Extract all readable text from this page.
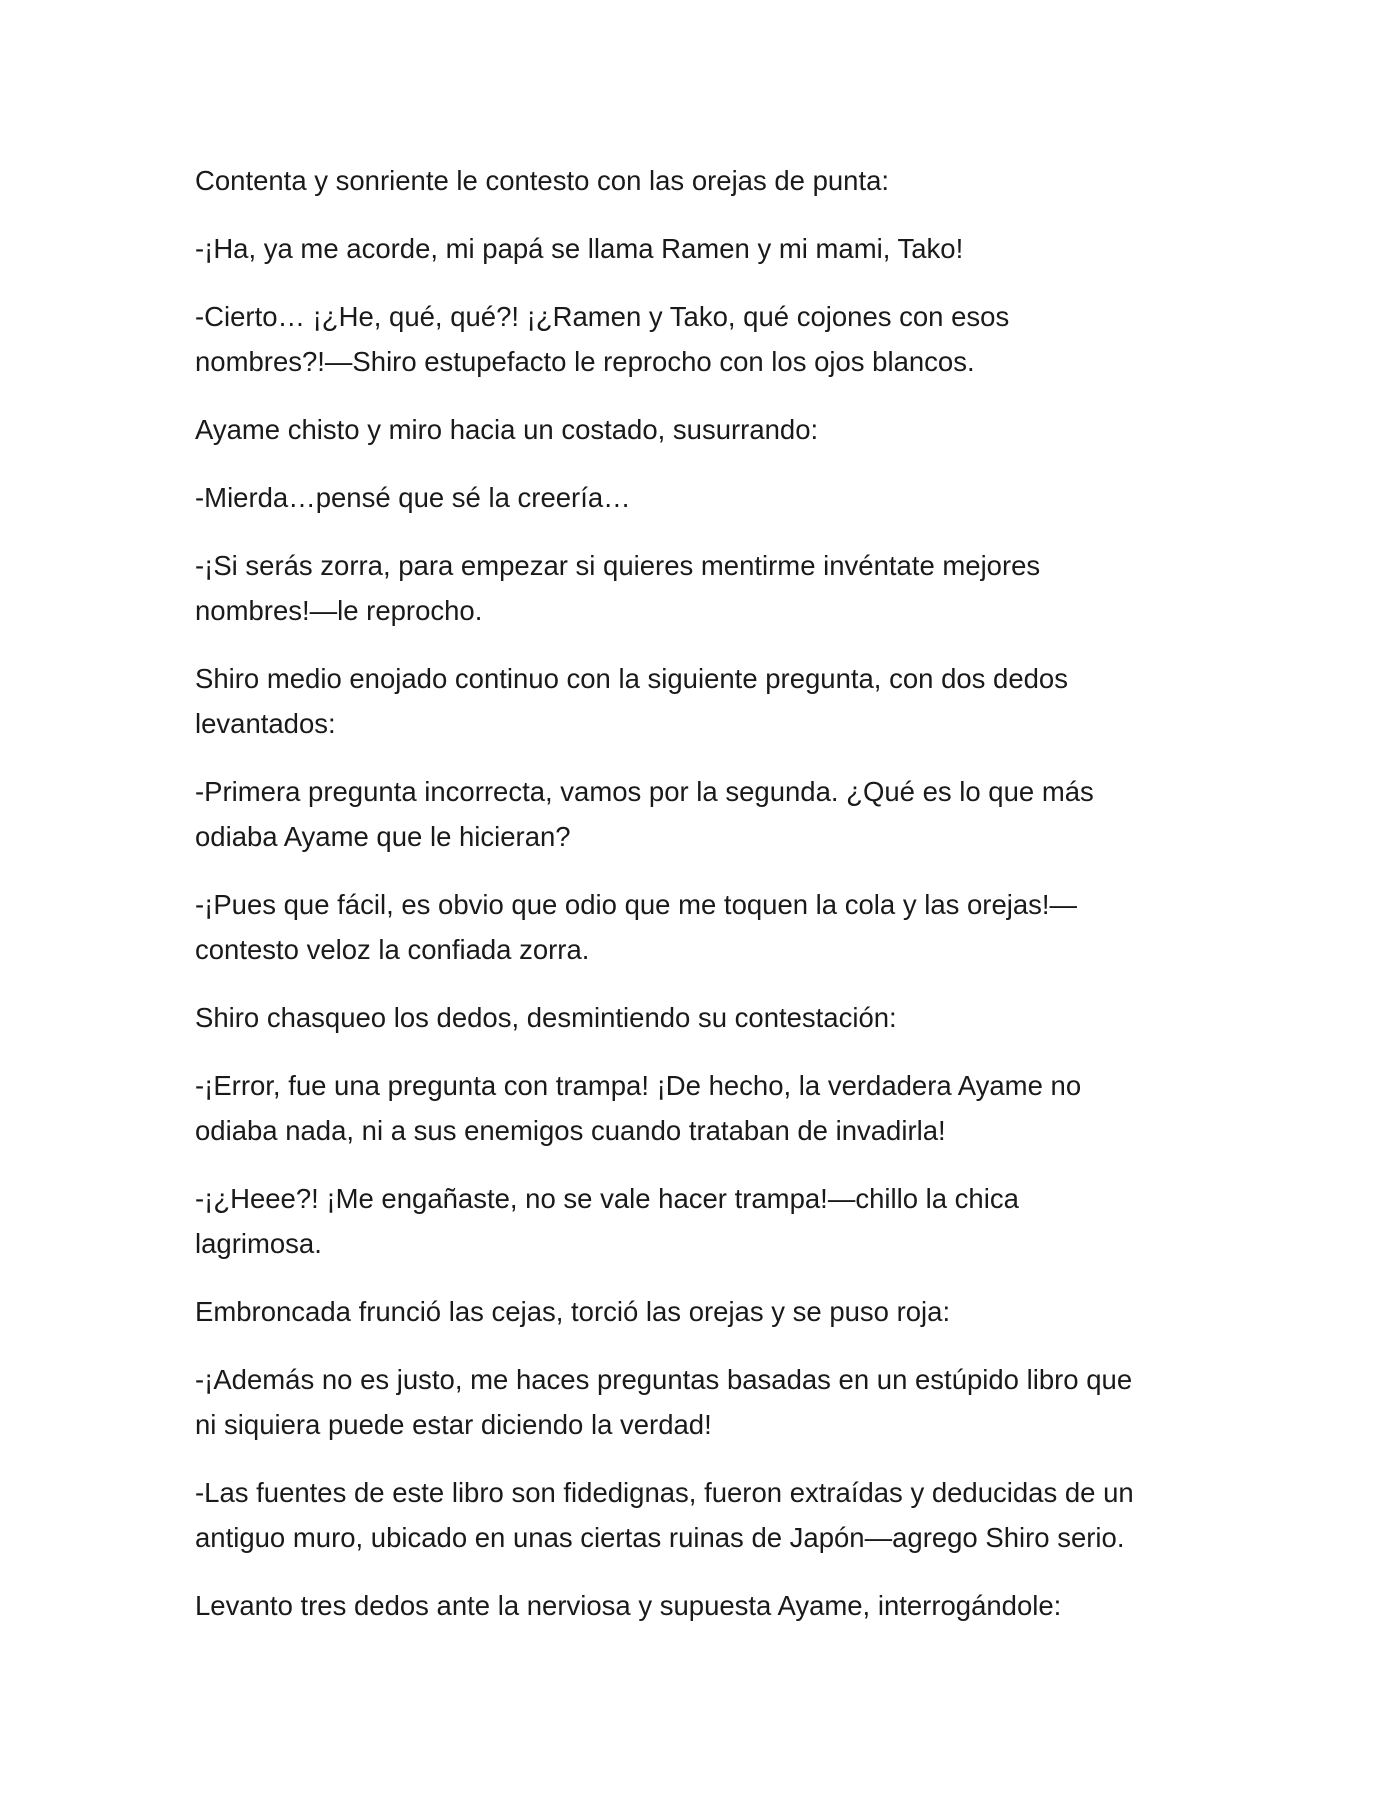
Contenta y sonriente le contesto con las orejas de punta:

-¡Ha, ya me acorde, mi papá se llama Ramen y mi mami, Tako!

-Cierto… ¡¿He, qué, qué?! ¡¿Ramen y Tako, qué cojones con esos
nombres?!—Shiro estupefacto le reprocho con los ojos blancos.

Ayame chisto y miro hacia un costado, susurrando:

-Mierda…pensé que sé la creería…

-¡Si serás zorra, para empezar si quieres mentirme invéntate mejores
nombres!—le reprocho.

Shiro medio enojado continuo con la siguiente pregunta, con dos dedos
levantados:

-Primera pregunta incorrecta, vamos por la segunda. ¿Qué es lo que más
odiaba Ayame que le hicieran?

-¡Pues que fácil, es obvio que odio que me toquen la cola y las orejas!—
contesto veloz la confiada zorra.

Shiro chasqueo los dedos, desmintiendo su contestación:

-¡Error, fue una pregunta con trampa! ¡De hecho, la verdadera Ayame no
odiaba nada, ni a sus enemigos cuando trataban de invadirla!

-¡¿Heee?! ¡Me engañaste, no se vale hacer trampa!—chillo la chica
lagrimosa.

Embroncada frunció las cejas, torció las orejas y se puso roja:

-¡Además no es justo, me haces preguntas basadas en un estúpido libro que
ni siquiera puede estar diciendo la verdad!

-Las fuentes de este libro son fidedignas, fueron extraídas y deducidas de un
antiguo muro, ubicado en unas ciertas ruinas de Japón—agrego Shiro serio.

Levanto tres dedos ante la nerviosa y supuesta Ayame, interrogándole:
